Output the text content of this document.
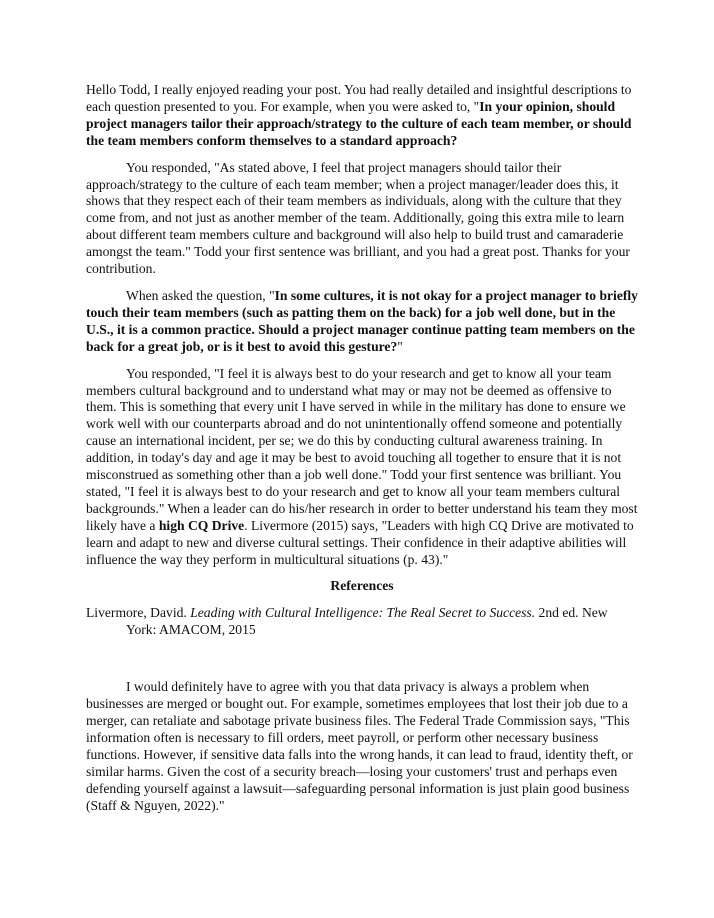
Hello Todd, I really enjoyed reading your post. You had really detailed and insightful descriptions to each question presented to you. For example, when you were asked to, "In your opinion, should project managers tailor their approach/strategy to the culture of each team member, or should the team members conform themselves to a standard approach?

You responded, "As stated above, I feel that project managers should tailor their approach/strategy to the culture of each team member; when a project manager/leader does this, it shows that they respect each of their team members as individuals, along with the culture that they come from, and not just as another member of the team. Additionally, going this extra mile to learn about different team members culture and background will also help to build trust and camaraderie amongst the team." Todd your first sentence was brilliant, and you had a great post. Thanks for your contribution.

When asked the question, "In some cultures, it is not okay for a project manager to briefly touch their team members (such as patting them on the back) for a job well done, but in the U.S., it is a common practice. Should a project manager continue patting team members on the back for a great job, or is it best to avoid this gesture?"

You responded, "I feel it is always best to do your research and get to know all your team members cultural background and to understand what may or may not be deemed as offensive to them. This is something that every unit I have served in while in the military has done to ensure we work well with our counterparts abroad and do not unintentionally offend someone and potentially cause an international incident, per se; we do this by conducting cultural awareness training. In addition, in today's day and age it may be best to avoid touching all together to ensure that it is not misconstrued as something other than a job well done." Todd your first sentence was brilliant. You stated, "I feel it is always best to do your research and get to know all your team members cultural backgrounds." When a leader can do his/her research in order to better understand his team they most likely have a high CQ Drive. Livermore (2015) says, "Leaders with high CQ Drive are motivated to learn and adapt to new and diverse cultural settings. Their confidence in their adaptive abilities will influence the way they perform in multicultural situations (p. 43)."

References

Livermore, David. Leading with Cultural Intelligence: The Real Secret to Success. 2nd ed. New York: AMACOM, 2015

I would definitely have to agree with you that data privacy is always a problem when businesses are merged or bought out. For example, sometimes employees that lost their job due to a merger, can retaliate and sabotage private business files. The Federal Trade Commission says, "This information often is necessary to fill orders, meet payroll, or perform other necessary business functions. However, if sensitive data falls into the wrong hands, it can lead to fraud, identity theft, or similar harms. Given the cost of a security breach—losing your customers' trust and perhaps even defending yourself against a lawsuit—safeguarding personal information is just plain good business (Staff & Nguyen, 2022)."
